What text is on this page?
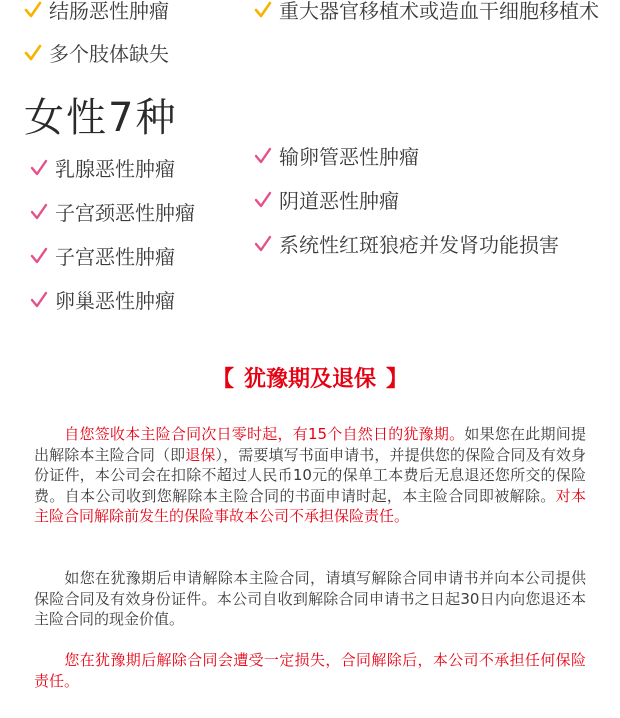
结肠恶性肿瘤	重大器官移植术或造血干细胞移植术
多个肢体缺失
女性7种
乳腺恶性肿瘤
子宫颈恶性肿瘤
子宫恶性肿瘤
卵巢恶性肿瘤
输卵管恶性肿瘤
阴道恶性肿瘤
系统性红斑狼疮并发肾功能损害
【 犹豫期及退保 】

自您签收本主险合同次日零时起，有15个自然日的犹豫期。如果您在此期间提出解除本主险合同（即退保），需要填写书面申请书，并提供您的保险合同及有效身份证件，本公司会在扣除不超过人民币10元的保单工本费后无息退还您所交的保险费。自本公司收到您解除本主险合同的书面申请时起，本主险合同即被解除。对本主险合同解除前发生的保险事故本公司不承担保险责任。

如您在犹豫期后申请解除本主险合同，请填写解除合同申请书并向本公司提供保险合同及有效身份证件。本公司自收到解除合同申请书之日起30日内向您退还本主险合同的现金价值。

您在犹豫期后解除合同会遭受一定损失，合同解除后，本公司不承担任何保险责任。
